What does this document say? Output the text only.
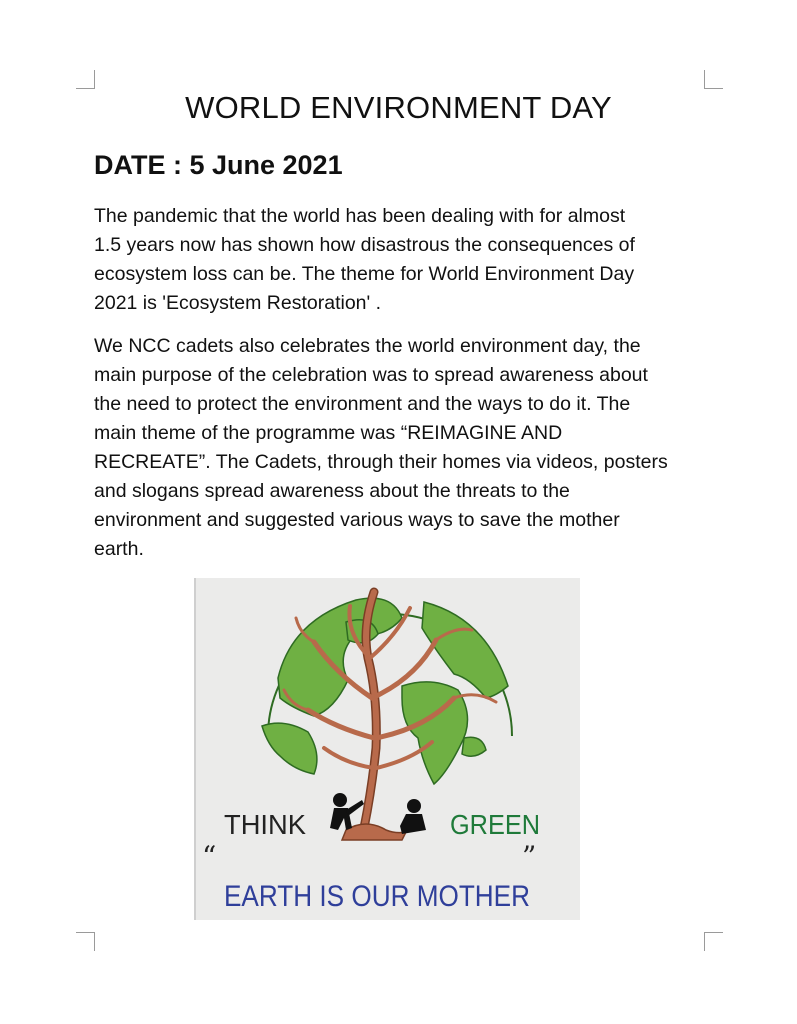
WORLD ENVIRONMENT DAY
DATE : 5 June 2021

The pandemic that the world has been dealing with for almost
1.5 years now has shown how disastrous the consequences of
ecosystem loss can be. The theme for World Environment Day
2021 is 'Ecosystem Restoration' .

We NCC cadets also celebrates the world environment day, the
main purpose of the celebration was to spread awareness about
the need to protect the environment and the ways to do it. The
main theme of the programme was “REIMAGINE AND
RECREATE”. The Cadets, through their homes via videos, posters
and slogans spread awareness about the threats to the
environment and suggested various ways to save the mother
earth.

THINK	GREEN
“	”
EARTH IS OUR MOTHER
